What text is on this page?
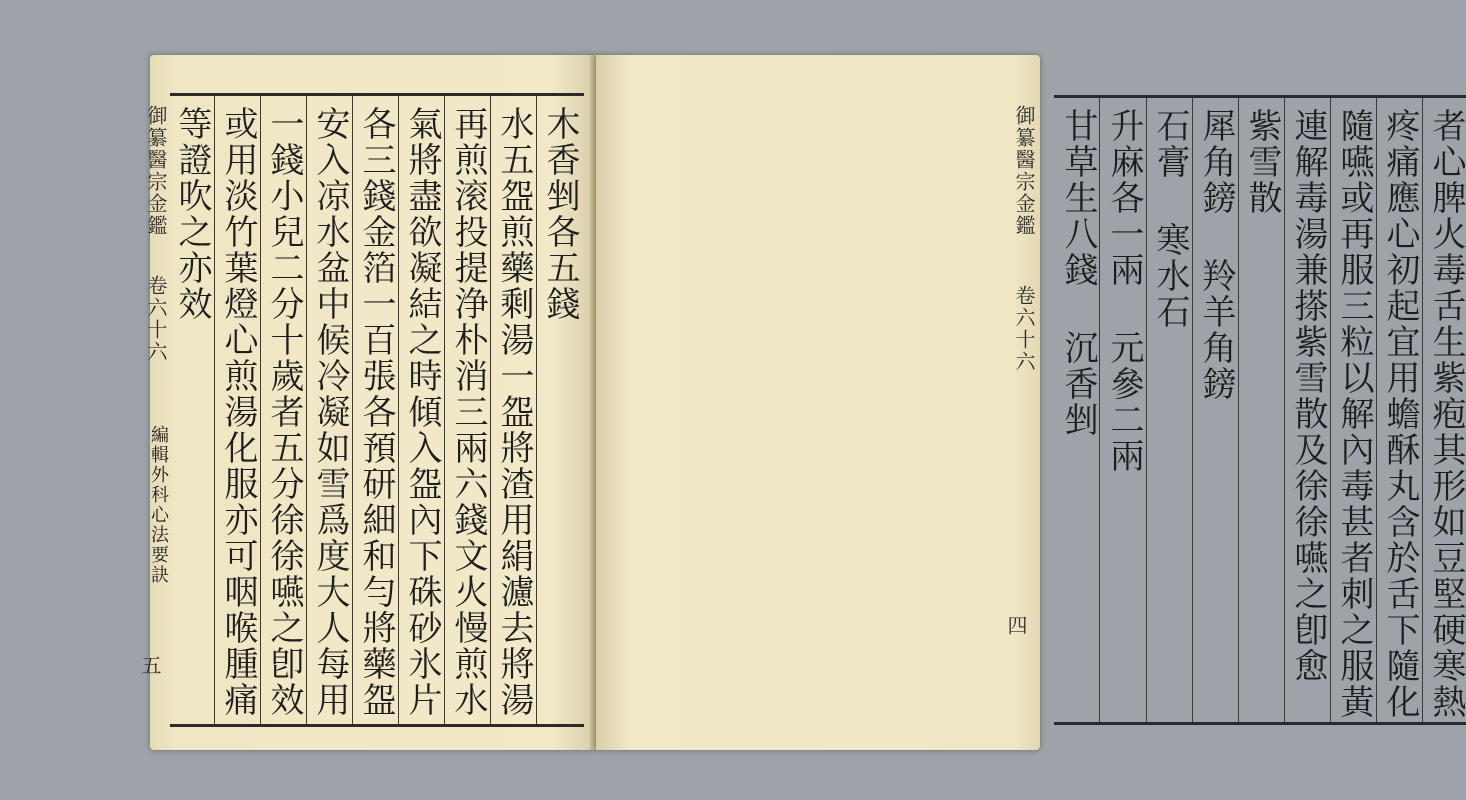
木香剉各五錢
水五盌煎藥剩湯一盌將渣用絹濾去將湯
再煎滚投提浄朴消三兩六錢文火慢煎水
氣將盡欲凝結之時傾入盌內下硃砂氷片
各三錢金箔一百張各預研細和勻將藥盌
安入凉水盆中候冷凝如雪爲度大人每用
一錢小兒二分十歲者五分徐徐嚥之卽效
或用淡竹葉燈心煎湯化服亦可咽喉腫痛
等證吹之亦效
御纂醫宗金鑑
卷六十六
編輯外科心法要訣
五	者心脾火毒舌生紫疱其形如豆堅硬寒熱
疼痛應心初起宜用蟾酥丸含於舌下隨化
隨嚥或再服三粒以解內毒甚者刺之服黃
連解毒湯兼搽紫雪散及徐徐嚥之卽愈
紫雪散
犀角鎊 羚羊角鎊
石膏 寒水石
升麻各一兩 元參二兩
甘草生八錢 沉香剉
御纂醫宗金鑑
卷六十六
四
